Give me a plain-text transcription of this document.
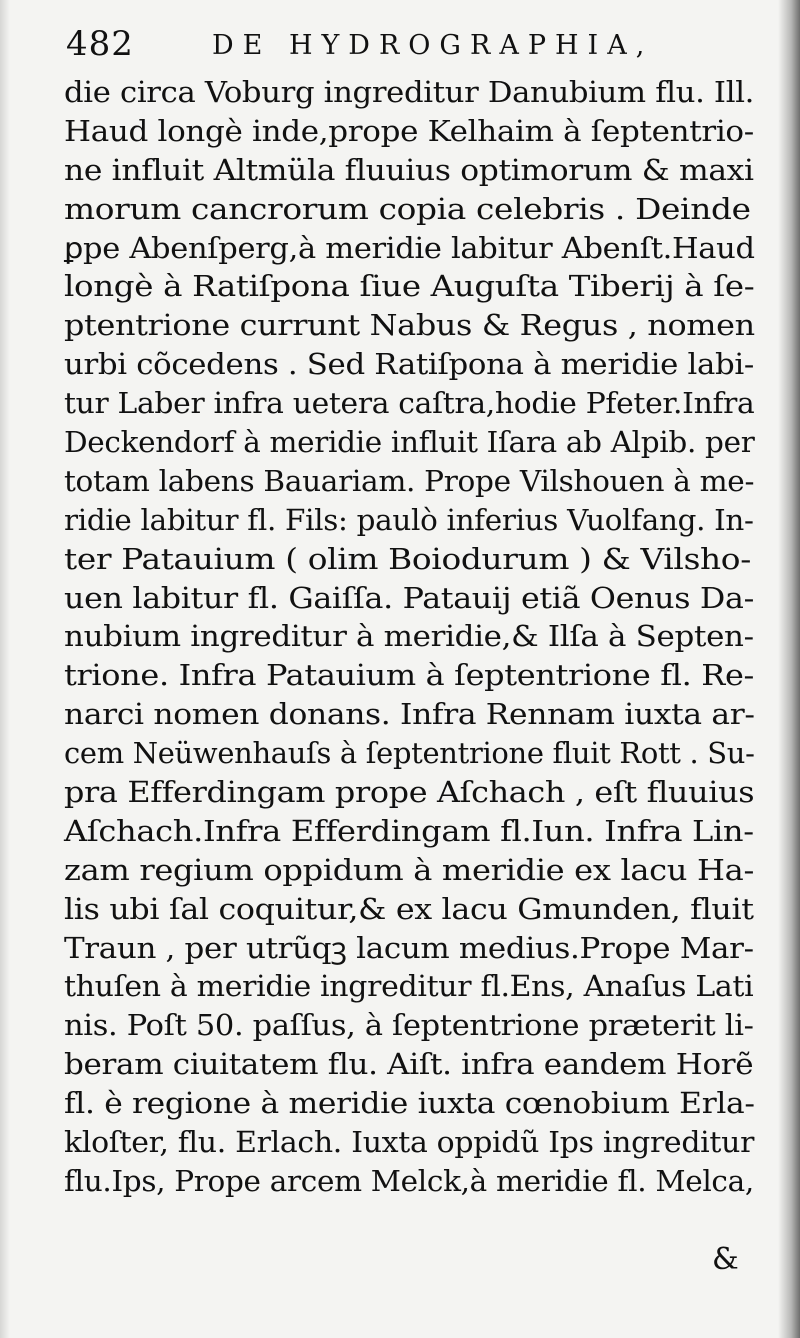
482	DE HYDROGRAPHIA,
die circa Voburg ingreditur Danubium flu. Ill.
Haud longè inde,prope Kelhaim à ſeptentrio-
ne influit Altmüla fluuius optimorum & maxi
morum cancrorum copia celebris . Deinde
ꝑpe Abenſperg,à meridie labitur Abenſt.Haud
longè à Ratiſpona ſiue Auguſta Tiberij à ſe-
ptentrione currunt Nabus & Regus , nomen
urbi cõcedens . Sed Ratiſpona à meridie labi-
tur Laber infra uetera caſtra,hodie Pfeter.Infra
Deckendorf à meridie influit Iſara ab Alpib. per
totam labens Bauariam. Prope Vilshouen à me-
ridie labitur fl. Fils: paulò inferius Vuolfang. In-
ter Patauium ( olim Boiodurum ) & Vilsho-
uen labitur fl. Gaiſſa. Patauij etiã Oenus Da-
nubium ingreditur à meridie,& Ilſa à Septen-
trione. Infra Patauium à ſeptentrione fl. Re-
narci nomen donans. Infra Rennam iuxta ar-
cem Neüwenhauſs à ſeptentrione fluit Rott . Su-
pra Efferdingam prope Aſchach , eſt fluuius
Aſchach.Infra Efferdingam fl.Iun. Infra Lin-
zam regium oppidum à meridie ex lacu Ha-
lis ubi ſal coquitur,& ex lacu Gmunden, fluit
Traun , per utrũqꝫ lacum medius.Prope Mar-
thuſen à meridie ingreditur fl.Ens, Anaſus Lati
nis. Poſt 50. paſſus, à ſeptentrione præterit li-
beram ciuitatem flu. Aiſt. infra eandem Horẽ
fl. è regione à meridie iuxta cœnobium Erla-
kloſter, flu. Erlach. Iuxta oppidũ Ips ingreditur
flu.Ips, Prope arcem Melck,à meridie fl. Melca,
&
